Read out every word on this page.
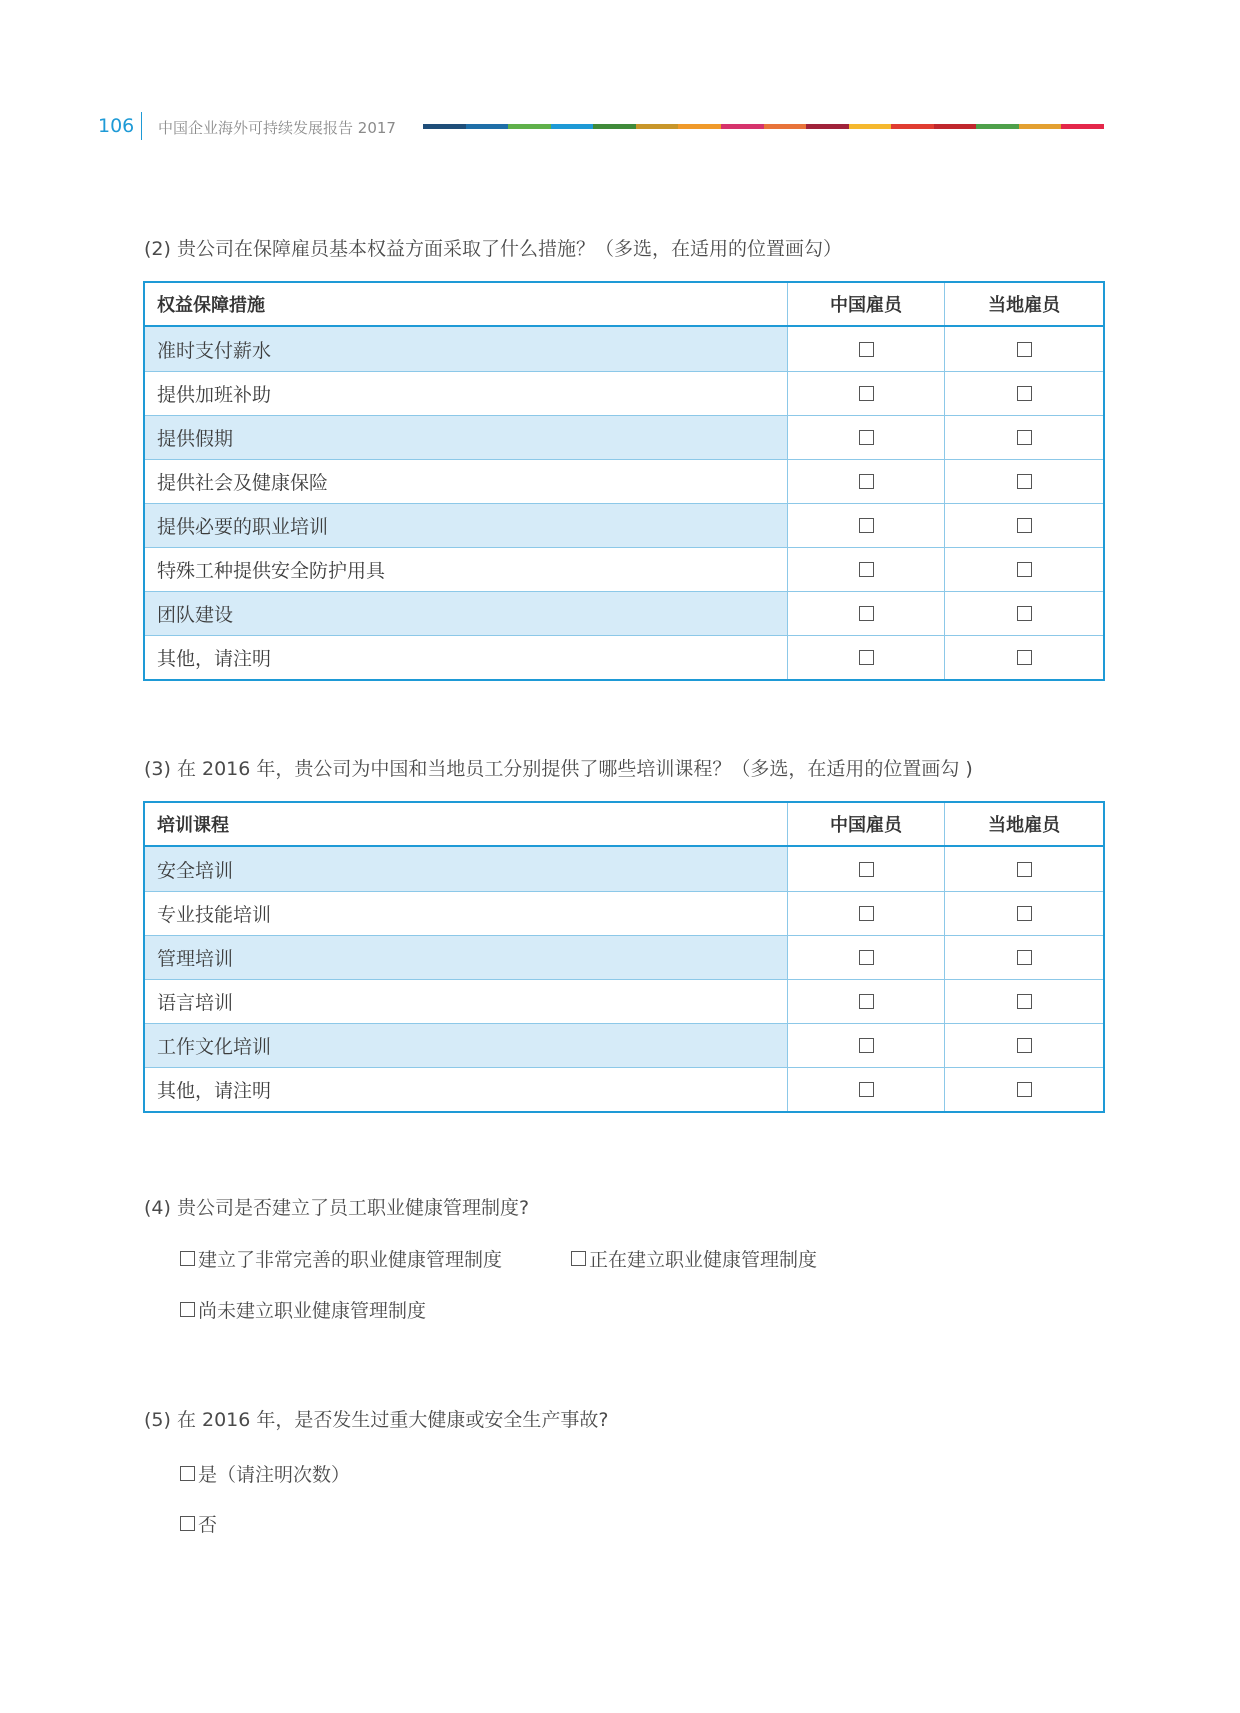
106 中国企业海外可持续发展报告 2017
(2) 贵公司在保障雇员基本权益方面采取了什么措施？（多选，在适用的位置画勾）
权益保障措施	中国雇员	当地雇员
准时支付薪水
提供加班补助
提供假期
提供社会及健康保险
提供必要的职业培训
特殊工种提供安全防护用具
团队建设
其他，请注明
(3) 在 2016 年，贵公司为中国和当地员工分别提供了哪些培训课程？（多选，在适用的位置画勾 )
培训课程	中国雇员	当地雇员
安全培训
专业技能培训
管理培训
语言培训
工作文化培训
其他，请注明
(4) 贵公司是否建立了员工职业健康管理制度?
建立了非常完善的职业健康管理制度	正在建立职业健康管理制度
尚未建立职业健康管理制度
(5) 在 2016 年，是否发生过重大健康或安全生产事故?
是（请注明次数）
否
